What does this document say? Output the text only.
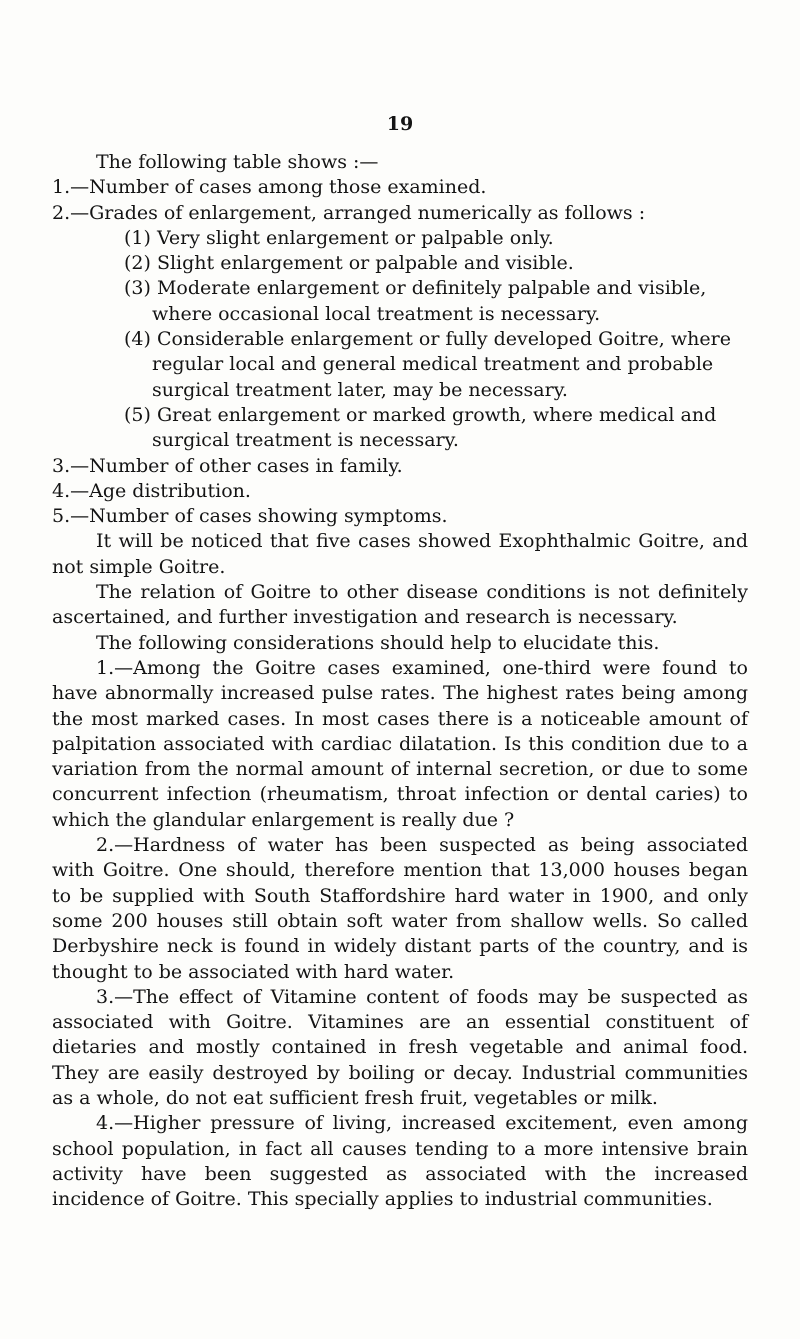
19

The following table shows :—

1.—Number of cases among those examined.

2.—Grades of enlargement, arranged numerically as follows :

(1) Very slight enlargement or palpable only.

(2) Slight enlargement or palpable and visible.

(3) Moderate enlargement or definitely palpable and visible, where occasional local treatment is necessary.

(4) Considerable enlargement or fully developed Goitre, where regular local and general medical treatment and probable surgical treatment later, may be necessary.

(5) Great enlargement or marked growth, where medical and surgical treatment is necessary.

3.—Number of other cases in family.

4.—Age distribution.

5.—Number of cases showing symptoms.

It will be noticed that five cases showed Exophthalmic Goitre, and not simple Goitre.

The relation of Goitre to other disease conditions is not definitely ascertained, and further investigation and research is necessary.

The following considerations should help to elucidate this.

1.—Among the Goitre cases examined, one-third were found to have abnormally increased pulse rates. The highest rates being among the most marked cases. In most cases there is a noticeable amount of palpitation associated with cardiac dilatation. Is this condition due to a variation from the normal amount of internal secretion, or due to some concurrent infection (rheumatism, throat infection or dental caries) to which the glandular enlargement is really due ?

2.—Hardness of water has been suspected as being associated with Goitre. One should, therefore mention that 13,000 houses began to be supplied with South Staffordshire hard water in 1900, and only some 200 houses still obtain soft water from shallow wells. So called Derbyshire neck is found in widely distant parts of the country, and is thought to be associated with hard water.

3.—The effect of Vitamine content of foods may be suspected as associated with Goitre. Vitamines are an essential constituent of dietaries and mostly contained in fresh vegetable and animal food. They are easily destroyed by boiling or decay. Industrial communities as a whole, do not eat sufficient fresh fruit, vegetables or milk.

4.—Higher pressure of living, increased excitement, even among school population, in fact all causes tending to a more intensive brain activity have been suggested as associated with the increased incidence of Goitre. This specially applies to industrial communities.
